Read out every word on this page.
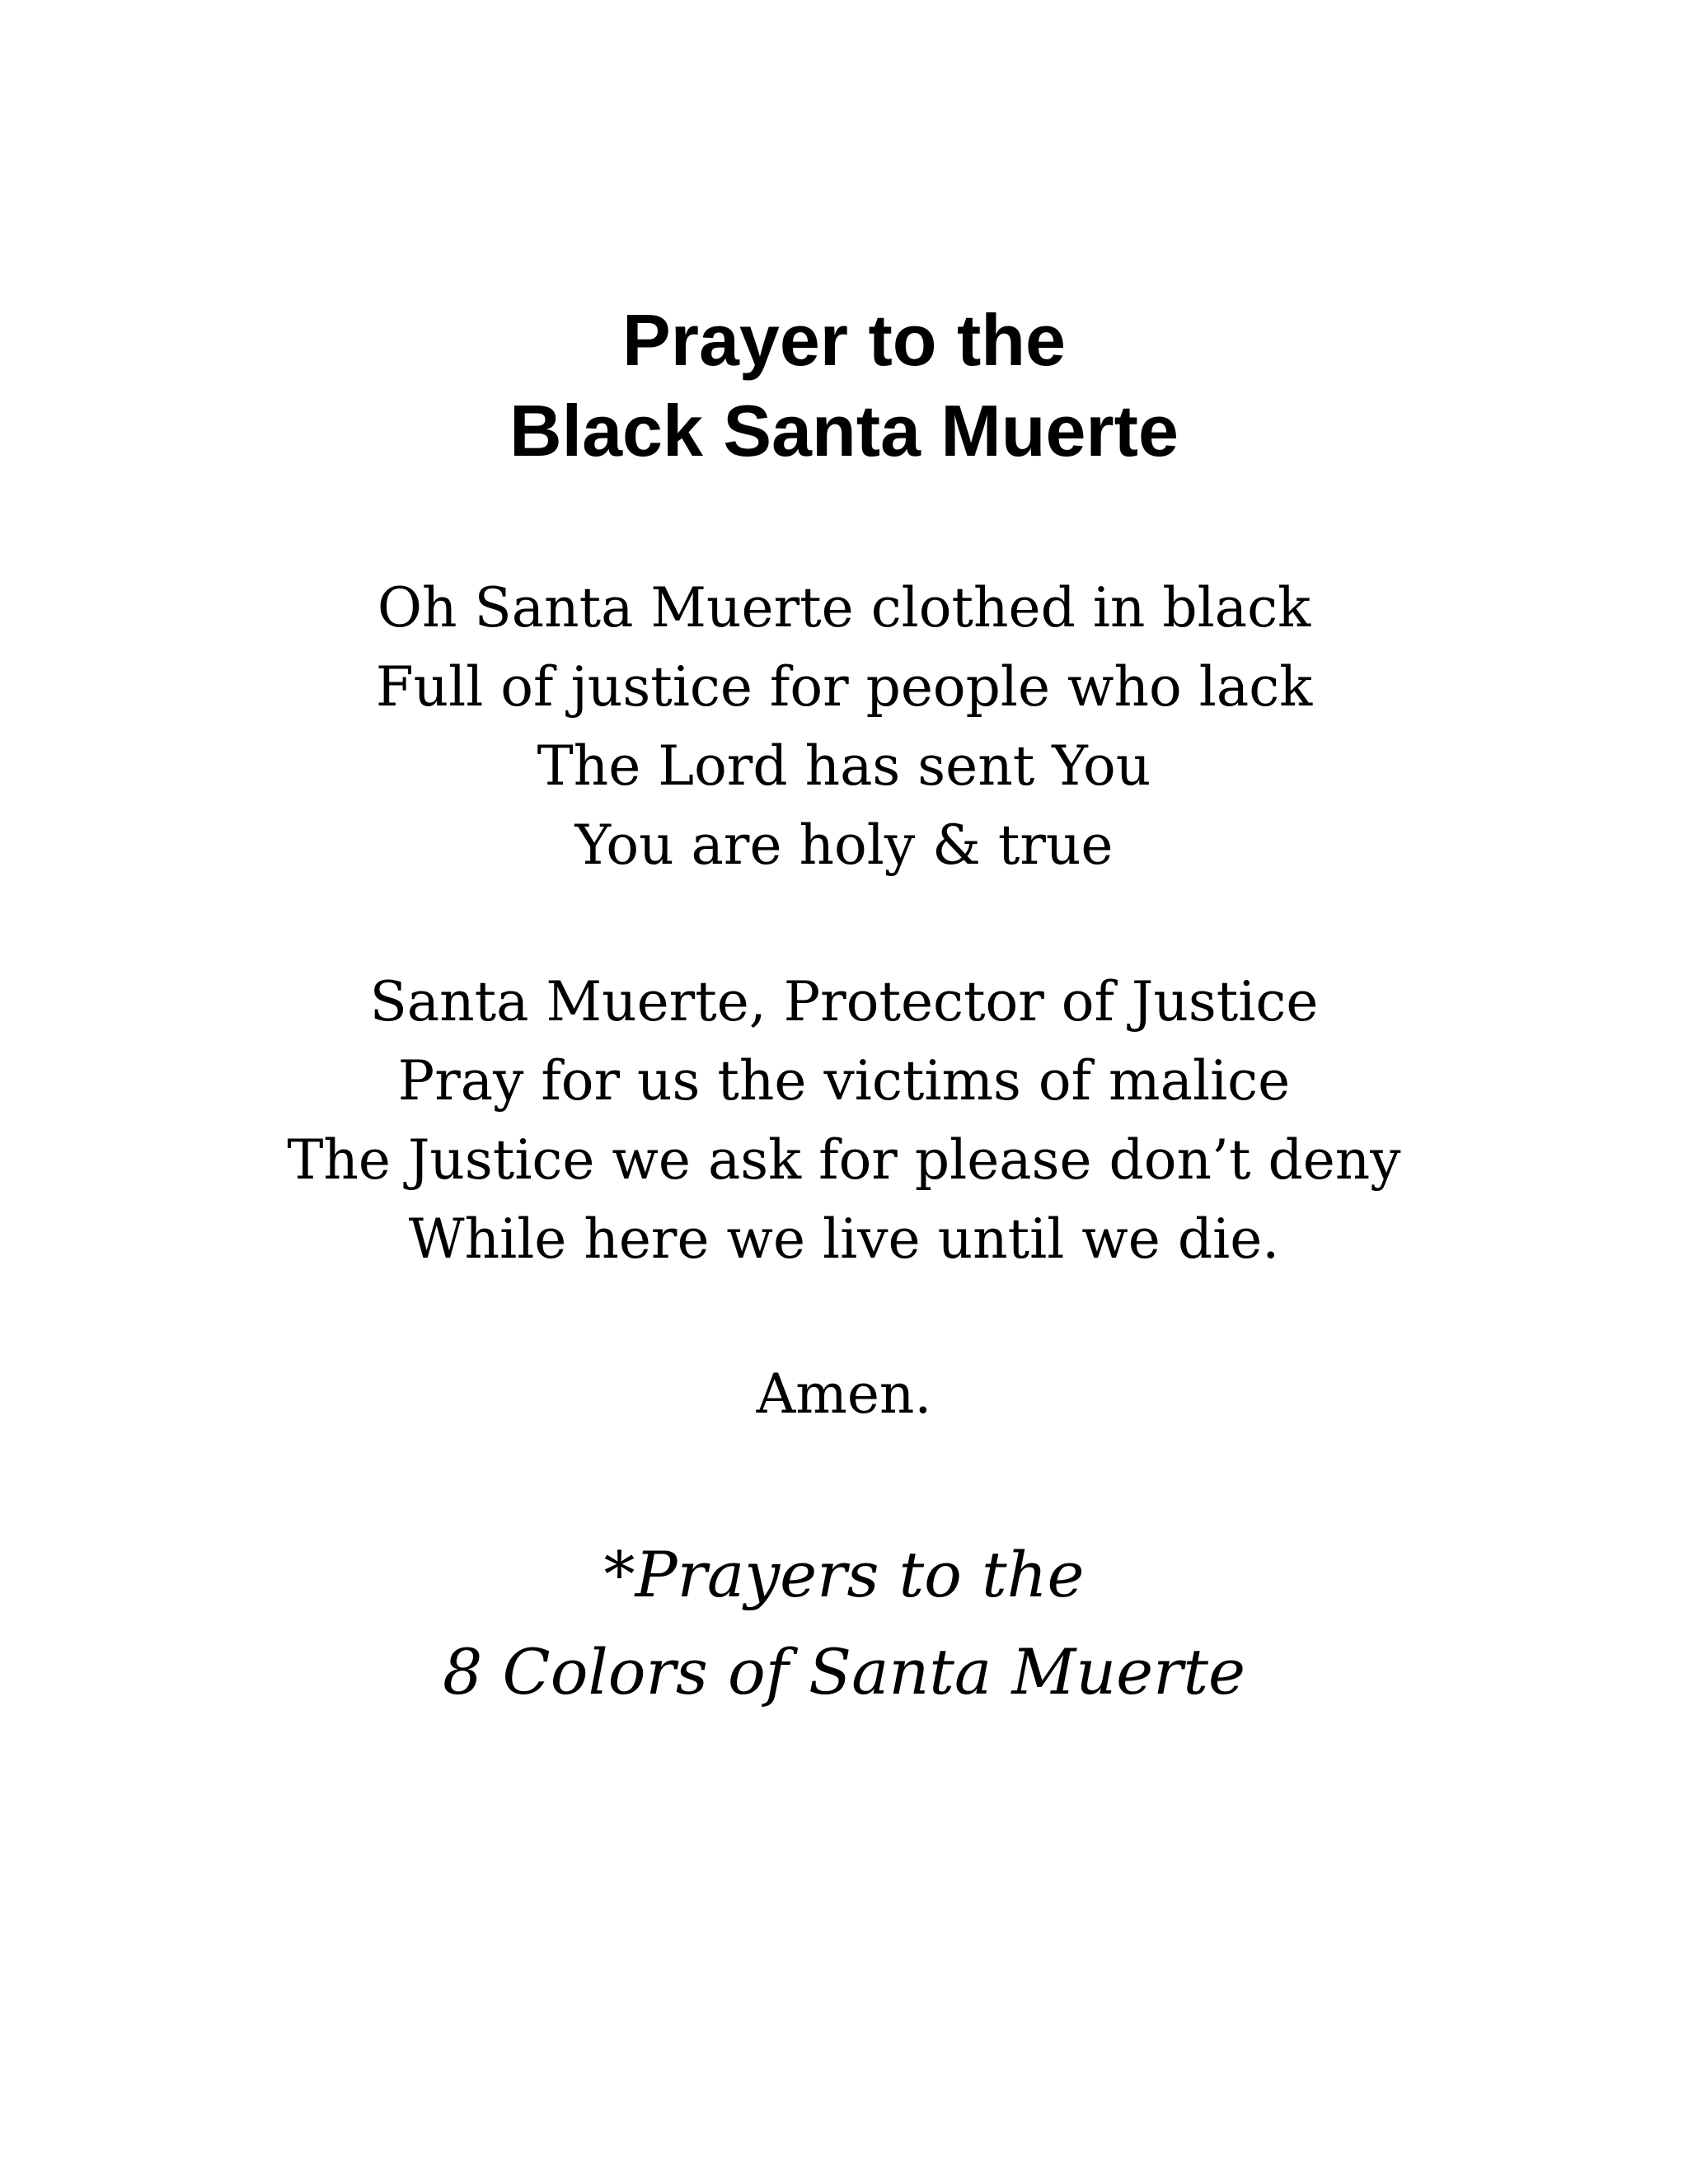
Prayer to the
Black Santa Muerte
Oh Santa Muerte clothed in black
Full of justice for people who lack
The Lord has sent You
You are holy & true
Santa Muerte, Protector of Justice
Pray for us the victims of malice
The Justice we ask for please don’t deny
While here we live until we die.
Amen.
*Prayers to the
8 Colors of Santa Muerte
